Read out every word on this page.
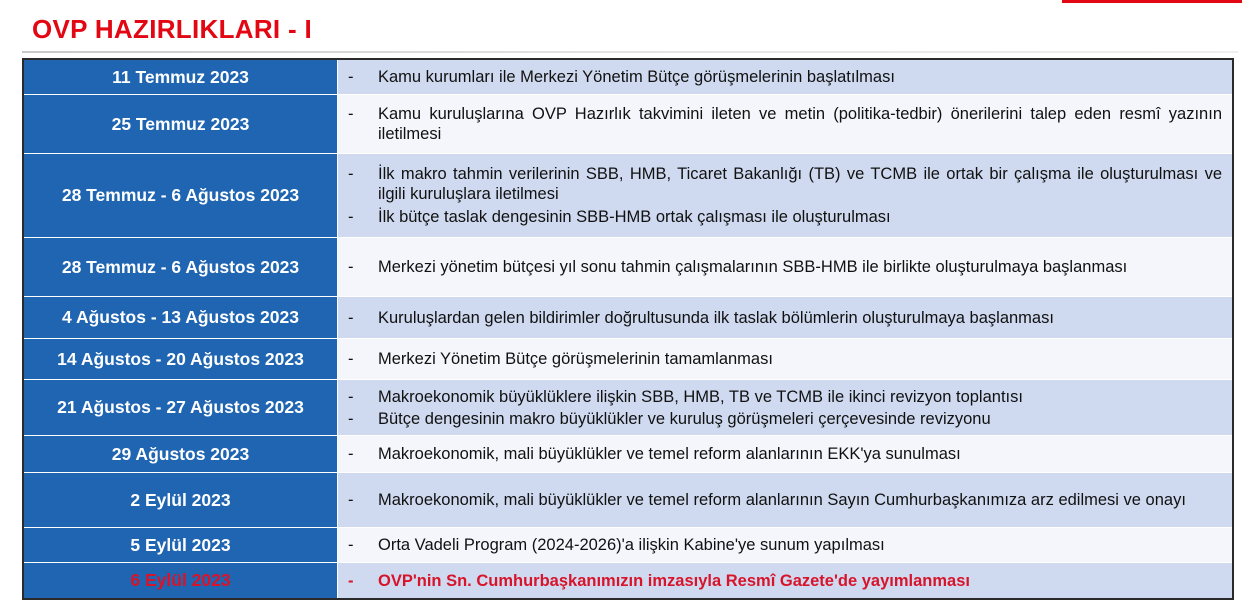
OVP HAZIRLIKLARI - I
11 Temmuz 2023	-	Kamu kurumları ile Merkezi Yönetim Bütçe görüşmelerinin başlatılması
25 Temmuz 2023	-	Kamu kuruluşlarına OVP Hazırlık takvimini ileten ve metin (politika-tedbir) önerilerini talep eden resmî yazının iletilmesi
28 Temmuz - 6 Ağustos 2023
-	İlk makro tahmin verilerinin SBB, HMB, Ticaret Bakanlığı (TB) ve TCMB ile ortak bir çalışma ile oluşturulması ve ilgili kuruluşlara iletilmesi
-	İlk bütçe taslak dengesinin SBB-HMB ortak çalışması ile oluşturulması
28 Temmuz - 6 Ağustos 2023	-	Merkezi yönetim bütçesi yıl sonu tahmin çalışmalarının SBB-HMB ile birlikte oluşturulmaya başlanması
4 Ağustos - 13 Ağustos 2023	-	Kuruluşlardan gelen bildirimler doğrultusunda ilk taslak bölümlerin oluşturulmaya başlanması
14 Ağustos - 20 Ağustos 2023	-	Merkezi Yönetim Bütçe görüşmelerinin tamamlanması
21 Ağustos - 27 Ağustos 2023
-	Makroekonomik büyüklüklere ilişkin SBB, HMB, TB ve TCMB ile ikinci revizyon toplantısı
-	Bütçe dengesinin makro büyüklükler ve kuruluş görüşmeleri çerçevesinde revizyonu
29 Ağustos 2023	-	Makroekonomik, mali büyüklükler ve temel reform alanlarının EKK'ya sunulması
2 Eylül 2023	-	Makroekonomik, mali büyüklükler ve temel reform alanlarının Sayın Cumhurbaşkanımıza arz edilmesi ve onayı
5 Eylül 2023	-	Orta Vadeli Program (2024-2026)'a ilişkin Kabine'ye sunum yapılması
6 Eylül 2023	-	OVP'nin Sn. Cumhurbaşkanımızın imzasıyla Resmî Gazete'de yayımlanması
